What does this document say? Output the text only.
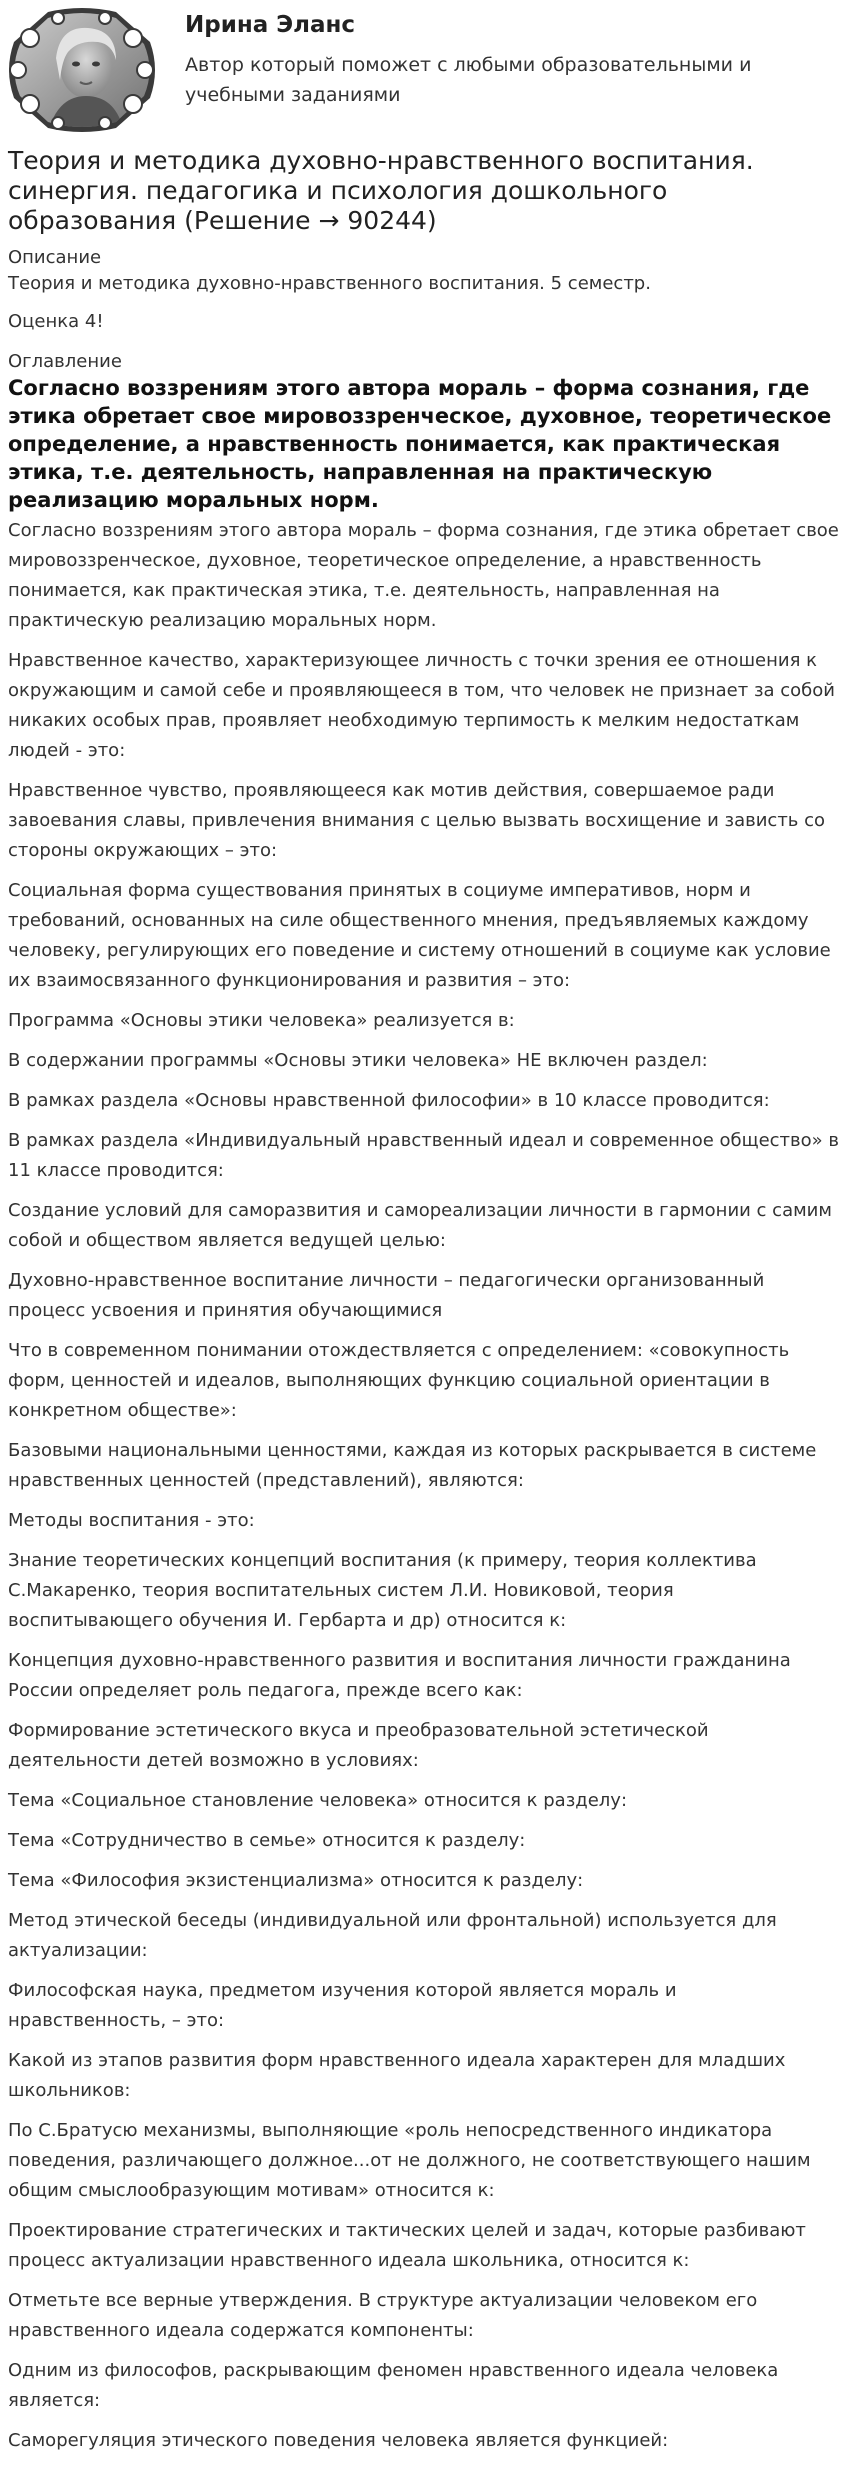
Ирина Эланс

Автор который поможет с любыми образовательными и учебными заданиями

Теория и методика духовно-нравственного воспитания. синергия. педагогика и психология дошкольного образования (Решение → 90244)

Описание

Теория и методика духовно-нравственного воспитания. 5 семестр.

Оценка 4!

Оглавление

Согласно воззрениям этого автора мораль – форма сознания, где этика обретает свое мировоззренческое, духовное, теоретическое определение, а нравственность понимается, как практическая этика, т.е. деятельность, направленная на практическую реализацию моральных норм.

Согласно воззрениям этого автора мораль – форма сознания, где этика обретает свое мировоззренческое, духовное, теоретическое определение, а нравственность понимается, как практическая этика, т.е. деятельность, направленная на практическую реализацию моральных норм.

Нравственное качество, характеризующее личность с точки зрения ее отношения к окружающим и самой себе и проявляющееся в том, что человек не признает за собой никаких особых прав, проявляет необходимую терпимость к мелким недостаткам людей - это:

Нравственное чувство, проявляющееся как мотив действия, совершаемое ради завоевания славы, привлечения внимания с целью вызвать восхищение и зависть со стороны окружающих – это:

Социальная форма существования принятых в социуме императивов, норм и требований, основанных на силе общественного мнения, предъявляемых каждому человеку, регулирующих его поведение и систему отношений в социуме как условие их взаимосвязанного функционирования и развития – это:

Программа «Основы этики человека» реализуется в:

В содержании программы «Основы этики человека» НЕ включен раздел:

В рамках раздела «Основы нравственной философии» в 10 классе проводится:

В рамках раздела «Индивидуальный нравственный идеал и современное общество» в 11 классе проводится:

Создание условий для саморазвития и самореализации личности в гармонии с самим собой и обществом является ведущей целью:

Духовно-нравственное воспитание личности – педагогически организованный процесс усвоения и принятия обучающимися

Что в современном понимании отождествляется с определением: «совокупность форм, ценностей и идеалов, выполняющих функцию социальной ориентации в конкретном обществе»:

Базовыми национальными ценностями, каждая из которых раскрывается в системе нравственных ценностей (представлений), являются:

Методы воспитания - это:

Знание теоретических концепций воспитания (к примеру, теория коллектива С.Макаренко, теория воспитательных систем Л.И. Новиковой, теория воспитывающего обучения И. Гербарта и др) относится к:

Концепция духовно-нравственного развития и воспитания личности гражданина России определяет роль педагога, прежде всего как:

Формирование эстетического вкуса и преобразовательной эстетической деятельности детей возможно в условиях:

Тема «Социальное становление человека» относится к разделу:

Тема «Сотрудничество в семье» относится к разделу:

Тема «Философия экзистенциализма» относится к разделу:

Метод этической беседы (индивидуальной или фронтальной) используется для актуализации:

Философская наука, предметом изучения которой является мораль и нравственность, – это:

Какой из этапов развития форм нравственного идеала характерен для младших школьников:

По С.Братусю механизмы, выполняющие «роль непосредственного индикатора поведения, различающего должное...от не должного, не соответствующего нашим общим смыслообразующим мотивам» относится к:

Проектирование стратегических и тактических целей и задач, которые разбивают процесс актуализации нравственного идеала школьника, относится к:

Отметьте все верные утверждения. В структуре актуализации человеком его нравственного идеала содержатся компоненты:

Одним из философов, раскрывающим феномен нравственного идеала человека является:

Саморегуляция этического поведения человека является функцией:
